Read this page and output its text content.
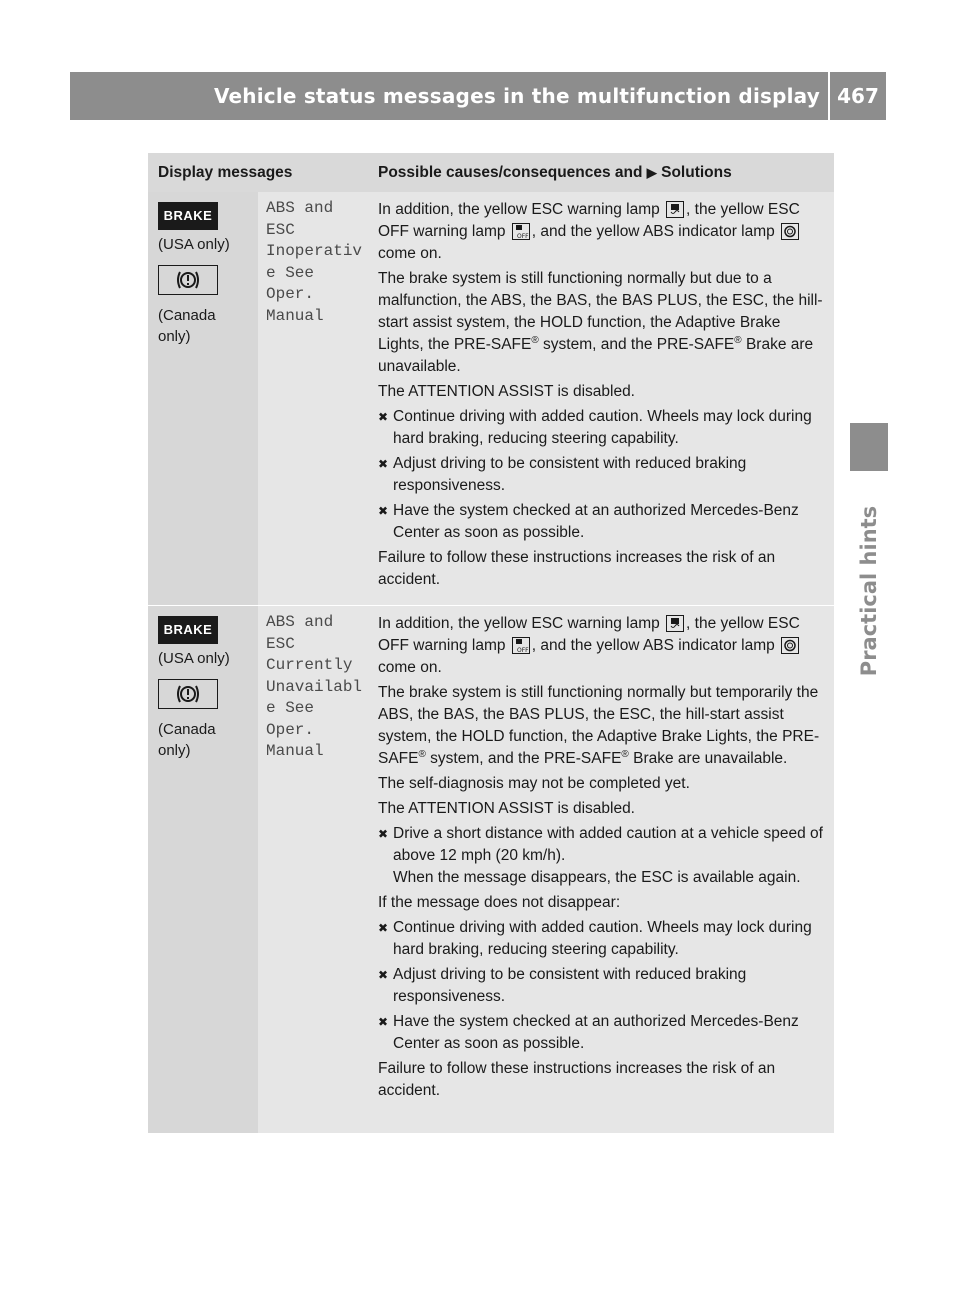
Vehicle status messages in the multifunction display 467
Practical hints
Display messages	Possible causes/consequences and ▶ Solutions
BRAKE
(USA only)
(Canada
only)
ABS and
ESC
Inoperativ
e See
Oper.
Manual

In addition, the yellow ESC warning lamp , the yellow ESC OFF warning lamp OFF , and the yellow ABS indicator lamp  come on.

The brake system is still functioning normally but due to a malfunction, the ABS, the BAS, the BAS PLUS, the ESC, the hill-start assist system, the HOLD function, the Adaptive Brake Lights, the PRE-SAFE® system, and the PRE-SAFE® Brake are unavailable.

The ATTENTION ASSIST is disabled.

✖ Continue driving with added caution. Wheels may lock during hard braking, reducing steering capability.
✖ Adjust driving to be consistent with reduced braking responsiveness.
✖ Have the system checked at an authorized Mercedes-Benz Center as soon as possible.

Failure to follow these instructions increases the risk of an accident.

BRAKE
(USA only)
(Canada
only)
ABS and
ESC
Currently
Unavailabl
e See
Oper.
Manual

In addition, the yellow ESC warning lamp , the yellow ESC OFF warning lamp OFF , and the yellow ABS indicator lamp  come on.

The brake system is still functioning normally but temporarily the ABS, the BAS, the BAS PLUS, the ESC, the hill-start assist system, the HOLD function, the Adaptive Brake Lights, the PRE-SAFE® system, and the PRE-SAFE® Brake are unavailable.

The self-diagnosis may not be completed yet.

The ATTENTION ASSIST is disabled.

✖ Drive a short distance with added caution at a vehicle speed of above 12 mph (20 km/h).
When the message disappears, the ESC is available again.

If the message does not disappear:

✖ Continue driving with added caution. Wheels may lock during hard braking, reducing steering capability.
✖ Adjust driving to be consistent with reduced braking responsiveness.
✖ Have the system checked at an authorized Mercedes-Benz Center as soon as possible.

Failure to follow these instructions increases the risk of an accident.
